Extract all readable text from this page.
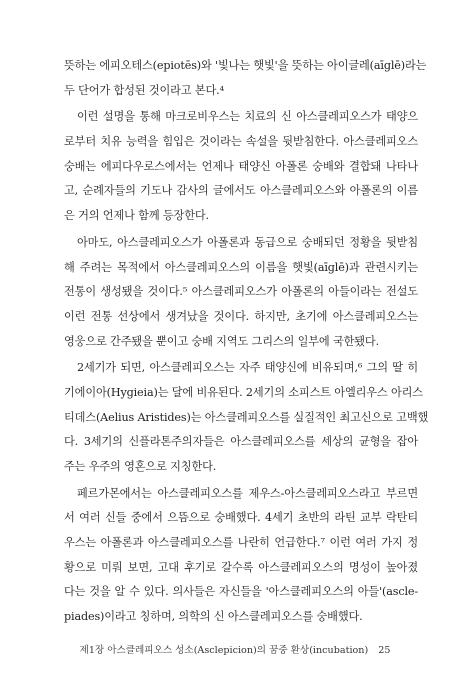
뜻하는 에피오테스(epiotēs)와 '빛나는 햇빛'을 뜻하는 아이글레(aīglē)라는
두 단어가 합성된 것이라고 본다.⁴
이런 설명을 통해 마크로비우스는 치료의 신 아스클레피오스가 태양으
로부터 치유 능력을 힘입은 것이라는 속설을 뒷받침한다. 아스클레피오스
숭배는 에피다우로스에서는 언제나 태양신 아폴론 숭배와 결합돼 나타나
고, 순례자들의 기도나 감사의 글에서도 아스클레피오스와 아폴론의 이름
은 거의 언제나 함께 등장한다.
아마도, 아스클레피오스가 아폴론과 동급으로 숭배되던 정황을 뒷받침
해 주려는 목적에서 아스클레피오스의 이름을 햇빛(aīglē)과 관련시키는
전통이 생성됐을 것이다.⁵ 아스클레피오스가 아폴론의 아들이라는 전설도
이런 전통 선상에서 생겨났을 것이다. 하지만, 초기에 아스클레피오스는
영웅으로 간주됐을 뿐이고 숭배 지역도 그리스의 일부에 국한됐다.
2세기가 되면, 아스클레피오스는 자주 태양신에 비유되며,⁶ 그의 딸 히
기에이아(Hygieia)는 달에 비유된다. 2세기의 소피스트 아엘리우스 아리스
티데스(Aelius Aristides)는 아스클레피오스를 실질적인 최고신으로 고백했
다. 3세기의 신플라톤주의자들은 아스클레피오스를 세상의 균형을 잡아
주는 우주의 영혼으로 지칭한다.
페르가몬에서는 아스클레피오스를 제우스-아스클레피오스라고 부르면
서 여러 신들 중에서 으뜸으로 숭배했다. 4세기 초반의 라틴 교부 락탄티
우스는 아폴론과 아스클레피오스를 나란히 언급한다.⁷ 이런 여러 가지 정
황으로 미뤄 보면, 고대 후기로 갈수록 아스클레피오스의 명성이 높아졌
다는 것을 알 수 있다. 의사들은 자신들을 '아스클레피오스의 아들'(ascle-
piades)이라고 칭하며, 의학의 신 아스클레피오스를 숭배했다.
제1장 아스클레피오스 성소(Asclepicion)의 꿈중 환상(incubation) 25
